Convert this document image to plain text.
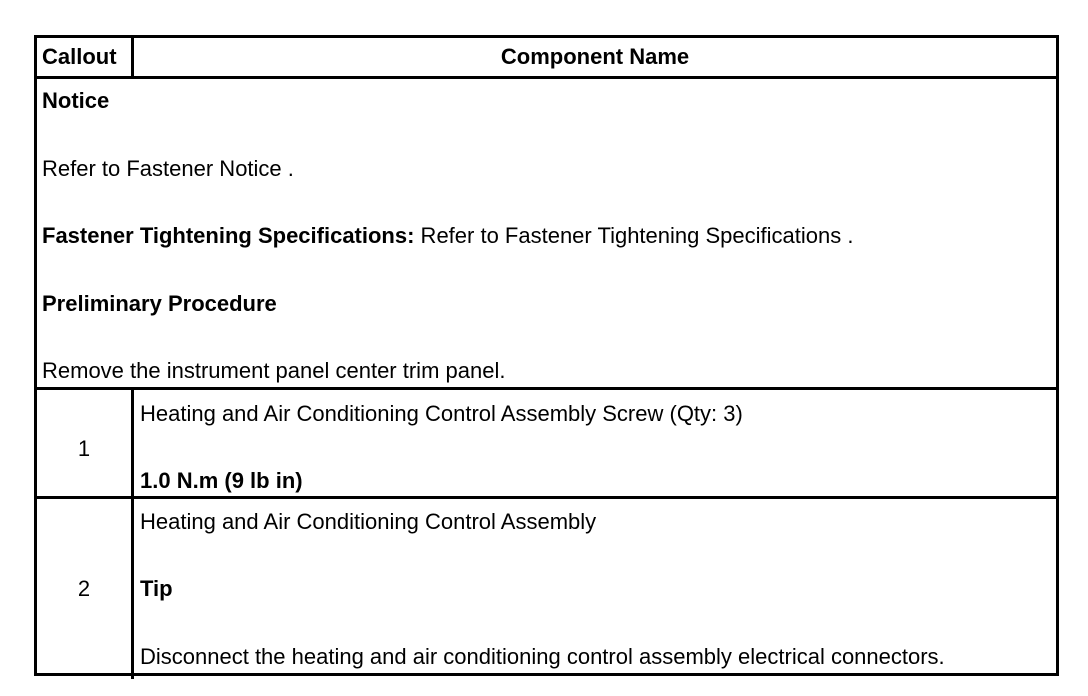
Callout	Component Name
Notice
Refer to Fastener Notice .
Fastener Tightening Specifications: Refer to Fastener Tightening Specifications .
Preliminary Procedure
Remove the instrument panel center trim panel.
1
Heating and Air Conditioning Control Assembly Screw (Qty: 3)
1.0 N.m (9 lb in)
2
Heating and Air Conditioning Control Assembly
Tip
Disconnect the heating and air conditioning control assembly electrical connectors.
